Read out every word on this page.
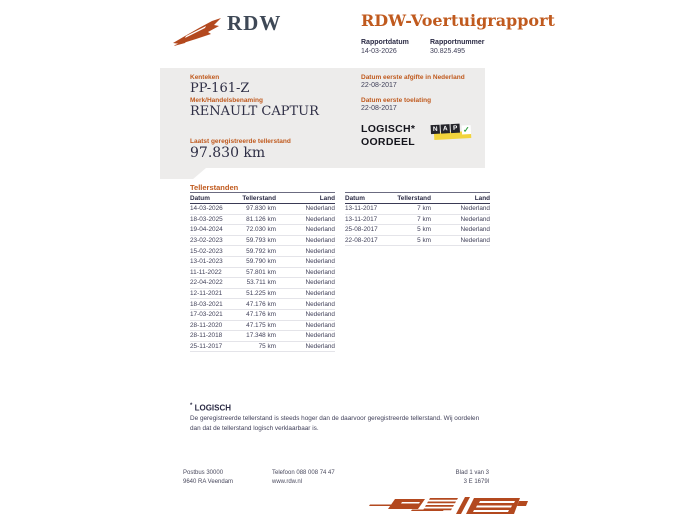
RDW	RDW-Voertuigrapport
Rapportdatum	Rapportnummer
14-03-2026	30.825.495
Kenteken
PP-161-Z
Merk/Handelsbenaming
RENAULT CAPTUR
Laatst geregistreerde tellerstand
97.830 km
Datum eerste afgifte in Nederland
22-08-2017
Datum eerste toelating
22-08-2017
LOGISCH*
OORDEEL
N A P ✓
Tellerstanden
Datum	Tellerstand	Land
14-03-2026	97.830 km	Nederland
18-03-2025	81.126 km	Nederland
19-04-2024	72.030 km	Nederland
23-02-2023	59.793 km	Nederland
15-02-2023	59.792 km	Nederland
13-01-2023	59.790 km	Nederland
11-11-2022	57.801 km	Nederland
22-04-2022	53.711 km	Nederland
12-11-2021	51.225 km	Nederland
18-03-2021	47.176 km	Nederland
17-03-2021	47.176 km	Nederland
28-11-2020	47.175 km	Nederland
28-11-2018	17.348 km	Nederland
25-11-2017	75 km	Nederland
Datum	Tellerstand	Land
13-11-2017	7 km	Nederland
13-11-2017	7 km	Nederland
25-08-2017	5 km	Nederland
22-08-2017	5 km	Nederland
* LOGISCH
De geregistreerde tellerstand is steeds hoger dan de daarvoor geregistreerde tellerstand. Wij oordelen dan dat de tellerstand logisch verklaarbaar is.
Postbus 30000
9640 RA Veendam
Telefoon 088 008 74 47
www.rdw.nl
Blad 1 van 3
3 E 1679l
